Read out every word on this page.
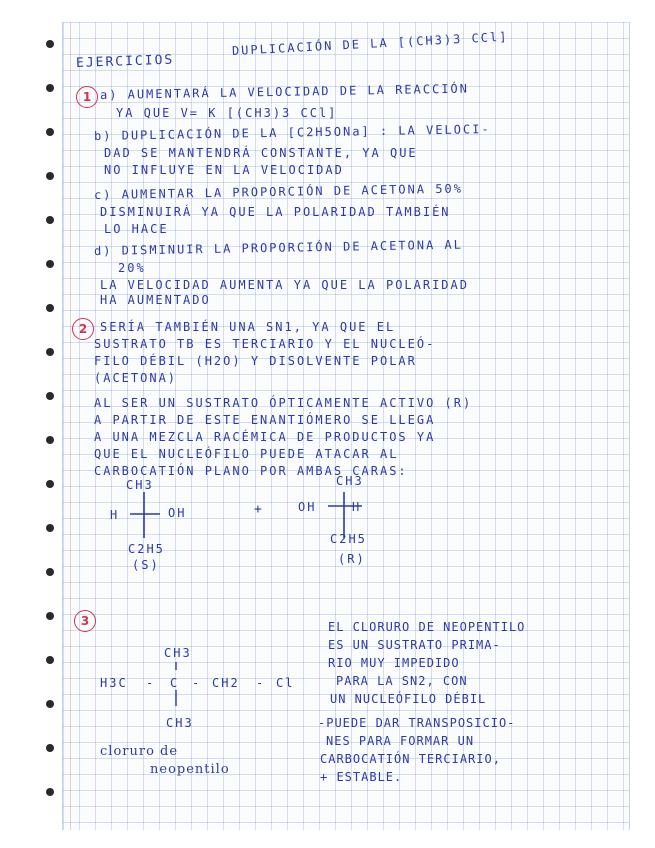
EJERCICIOS
DUPLICACIÓN DE LA [(CH3)3 CCl]
1 a) AUMENTARÁ LA VELOCIDAD DE LA REACCIÓN
YA QUE V= K [(CH3)3 CCl]
b) DUPLICACIÓN DE LA [C2H5ONa] : LA VELOCI-
DAD SE MANTENDRÁ CONSTANTE, YA QUE
NO INFLUYE EN LA VELOCIDAD
c) AUMENTAR LA PROPORCIÓN DE ACETONA 50%
DISMINUIRÁ YA QUE LA POLARIDAD TAMBIÉN
LO HACE
d) DISMINUIR LA PROPORCIÓN DE ACETONA AL
20%
LA VELOCIDAD AUMENTA YA QUE LA POLARIDAD
HA AUMENTADO
2	SERÍA TAMBIÉN UNA SN1, YA QUE EL
SUSTRATO TB ES TERCIARIO Y EL NUCLEÓ-
FILO DÉBIL (H2O) Y DISOLVENTE POLAR
(ACETONA)
AL SER UN SUSTRATO ÓPTICAMENTE ACTIVO (R)
A PARTIR DE ESTE ENANTIÓMERO SE LLEGA
A UNA MEZCLA RACÉMICA DE PRODUCTOS YA
QUE EL NUCLEÓFILO PUEDE ATACAR AL
CARBOCATIÓN PLANO POR AMBAS CARAS:
CH3
H	OH
C2H5
(S)
+
CH3
OH	H
C2H5
(R)
3
CH3
H3C - C - CH2 - Cl
CH3
cloruro de
neopentilo
EL CLORURO DE NEOPENTILO
ES UN SUSTRATO PRIMA-
RIO MUY IMPEDIDO
PARA LA SN2, CON
UN NUCLEÓFILO DÉBIL
-PUEDE DAR TRANSPOSICIO-
NES PARA FORMAR UN
CARBOCATIÓN TERCIARIO,
+ ESTABLE.
